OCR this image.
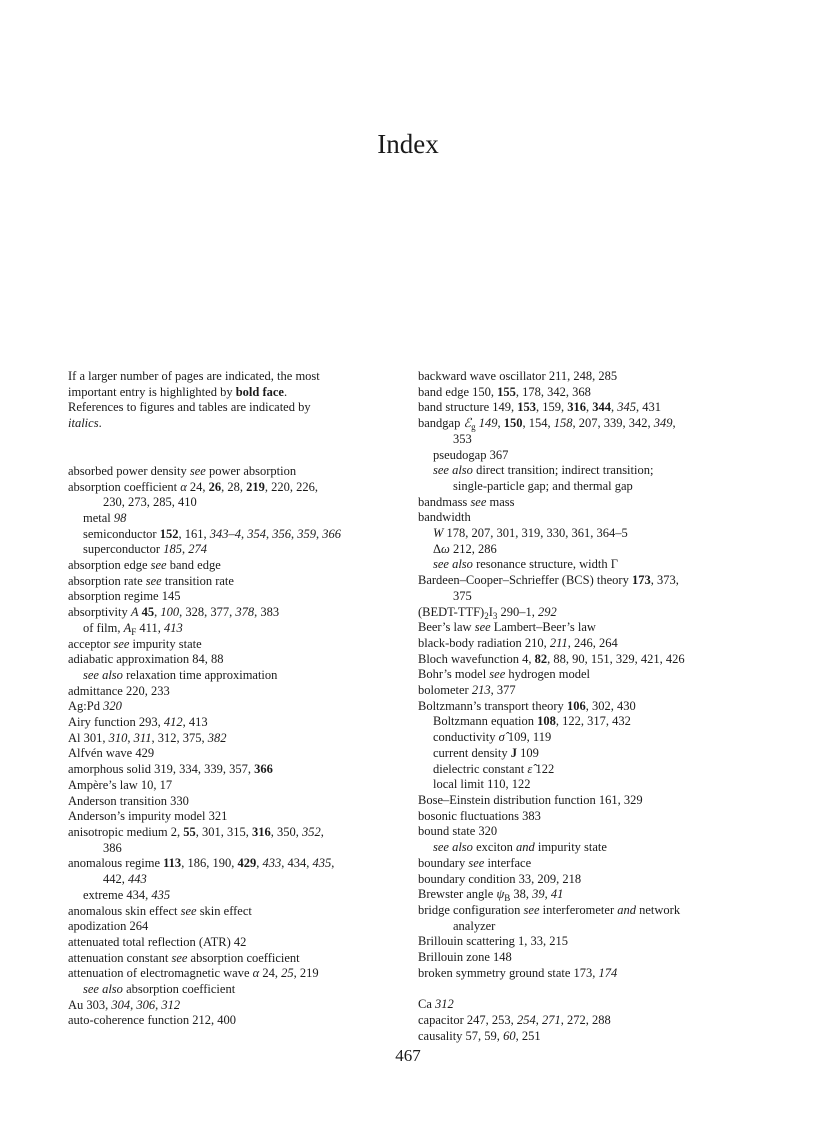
Index

If a larger number of pages are indicated, the most

important entry is highlighted by bold face.

References to figures and tables are indicated by

italics.

absorbed power density see power absorption
absorption coefficient α 24, 26, 28, 219, 220, 226,
230, 273, 285, 410
metal 98
semiconductor 152, 161, 343–4, 354, 356, 359, 366
superconductor 185, 274
absorption edge see band edge
absorption rate see transition rate
absorption regime 145
absorptivity A 45, 100, 328, 377, 378, 383
of film, $A_F$ 411, 413
acceptor see impurity state
adiabatic approximation 84, 88
see also relaxation time approximation
admittance 220, 233
Ag:Pd 320
Airy function 293, 412, 413
Al 301, 310, 311, 312, 375, 382
Alfvén wave 429
amorphous solid 319, 334, 339, 357, 366
Ampère’s law 10, 17
Anderson transition 330
Anderson’s impurity model 321
anisotropic medium 2, 55, 301, 315, 316, 350, 352,
386
anomalous regime 113, 186, 190, 429, 433, 434, 435,
442, 443
extreme 434, 435
anomalous skin effect see skin effect
apodization 264
attenuated total reflection (ATR) 42
attenuation constant see absorption coefficient
attenuation of electromagnetic wave α 24, 25, 219
see also absorption coefficient
Au 303, 304, 306, 312
auto-coherence function 212, 400
backward wave oscillator 211, 248, 285
band edge 150, 155, 178, 342, 368
band structure 149, 153, 159, 316, 344, 345, 431
bandgap ℰ$_g$ 149, 150, 154, 158, 207, 339, 342, 349,
353
pseudogap 367
see also direct transition; indirect transition;
single-particle gap; and thermal gap
bandmass see mass
bandwidth
W 178, 207, 301, 319, 330, 361, 364–5
Δω 212, 286
see also resonance structure, width Γ
Bardeen–Cooper–Schrieffer (BCS) theory 173, 373,
375
$(BEDT-TTF)_2I_3$ 290–1, 292
Beer’s law see Lambert–Beer’s law
black-body radiation 210, 211, 246, 264
Bloch wavefunction 4, 82, 88, 90, 151, 329, 421, 426
Bohr’s model see hydrogen model
bolometer 213, 377
Boltzmann’s transport theory 106, 302, 430
Boltzmann equation 108, 122, 317, 432
conductivity σ̂ 109, 119
current density J 109
dielectric constant ε̂ 122
local limit 110, 122
Bose–Einstein distribution function 161, 329
bosonic fluctuations 383
bound state 320
see also exciton and impurity state
boundary see interface
boundary condition 33, 209, 218
Brewster angle $\psi_B$ 38, 39, 41
bridge configuration see interferometer and network
analyzer
Brillouin scattering 1, 33, 215
Brillouin zone 148
broken symmetry ground state 173, 174
Ca 312
capacitor 247, 253, 254, 271, 272, 288
causality 57, 59, 60, 251
467
